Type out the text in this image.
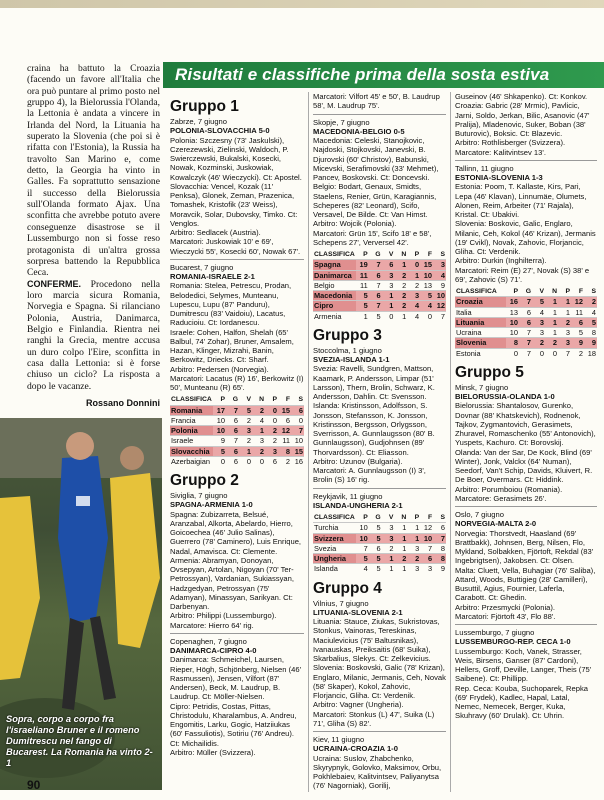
craina ha battuto la Croazia (facendo un favore all'Italia che ora può puntare al primo posto nel gruppo 4), la Bielorussia l'Olanda, la Lettonia è andata a vincere in Irlanda del Nord, la Lituania ha superato la Slovenia (che poi si è rifatta con l'Estonia), la Russia ha travolto San Marino e, come detto, la Georgia ha vinto in Galles. Fa soprattutto sensazione il successo della Bielorussia sull'Olanda formato Ajax. Una sconfitta che avrebbe potuto avere conseguenze disastrose se il Lussemburgo non si fosse reso protagonista di un'altra grossa sorpresa battendo la Repubblica Ceca.

CONFERME. Procedono nella loro marcia sicura Romania, Norvegia e Spagna. Si rilanciano Polonia, Austria, Danimarca, Belgio e Finlandia. Rientra nei ranghi la Grecia, mentre accusa un duro colpo l'Eire, sconfitta in casa dalla Lettonia: si è forse chiuso un ciclo? La risposta a dopo le vacanze.

Rossano Donnini
Sopra, corpo a corpo fra l'israeliano Bruner e il romeno Dumitrescu nel fango di Bucarest. La Romania ha vinto 2-1
90
Risultati e classifiche prima della sosta estiva
Gruppo 1

Zabrze, 7 giugno

POLONIA-SLOVACCHIA 5-0

Polonia: Szczesny (73' Jaskulski), Czerezewski, Zielinski, Waldoch, P. Swierczewski, Bukalski, Kosecki, Nowak, Kozminski, Juskowiak, Kowalczyk (46' Wieczycki). Ct: Apostel.

Slovacchia: Vencel, Kozak (11' Penksa), Glonek, Zeman, Prazenica, Tomashek, Kristofik (23' Weiss), Moravcik, Solar, Dubovsky, Timko. Ct: Venglos.

Arbitro: Sedlacek (Austria).

Marcatori: Juskowiak 10' e 69', Wieczycki 55', Kosecki 60', Nowak 67'.

Bucarest, 7 giugno

ROMANIA-ISRAELE 2-1

Romania: Stelea, Petrescu, Prodan, Belodedici, Selymes, Munteanu, Lupescu, Lupu (87' Panduru), Dumitrescu (83' Vaidoiu), Lacatus, Raducioiu. Ct: Iordanescu.

Israele: Cohen, Halfon, Shelah (65' Balbul, 74' Zohar), Bruner, Amsalem, Hazan, Klinger, Mizrahi, Banin, Berkowitz, Driecks. Ct: Sharf.

Arbitro: Pedersen (Norvegia).

Marcatori: Lacatus (R) 16', Berkowitz (I) 50', Munteanu (R) 65'.

CLASSIFICA	P	G	V	N	P	F	S
Romania	17	7	5	2	0	15	6
Francia	10	6	2	4	0	6	0
Polonia	10	6	3	1	2	12	7
Israele	9	7	2	3	2	11	10
Slovacchia	5	6	1	2	3	8	15
Azerbaigian	0	6	0	0	6	2	16
Gruppo 2

Siviglia, 7 giugno

SPAGNA-ARMENIA 1-0

Spagna: Zubizarreta, Belsué, Aranzabal, Alkorta, Abelardo, Hierro, Goicoechea (46' Julio Salinas), Guerrero (78' Caminero), Luis Enrique, Nadal, Amavisca. Ct: Clemente.

Armenia: Abramyan, Donoyan, Ovsepyan, Artolan, Nigoyan (70' Ter-Petrossyan), Vardanian, Sukiassyan, Hadzgedyan, Petrossyan (75' Adamyan), Minassyan, Sarikyan. Ct: Darbenyan.

Arbitro: Philippi (Lussemburgo).

Marcatore: Hierro 64' rig.

Copenaghen, 7 giugno

DANIMARCA-CIPRO 4-0

Danimarca: Schmeichel, Laursen, Rieper, Högh, Schjönberg, Nielsen (46' Rasmussen), Jensen, Vilfort (87' Andersen), Beck, M. Laudrup, B. Laudrup. Ct: Möller-Nielsen.

Cipro: Petridis, Costas, Pittas, Christodulu, Kharalambus, A. Andreu, Engomitis, Larku, Gogic, Hatziiukas (60' Fassuliotis), Sotiriu (76' Andreu). Ct: Michailidis.

Arbitro: Müller (Svizzera).

Marcatori: Vilfort 45' e 50', B. Laudrup 58', M. Laudrup 75'.

Skopje, 7 giugno

MACEDONIA-BELGIO 0-5

Macedonia: Celeski, Stanojkovic, Najdoski, Stojkovski, Janevski, B. Djurovski (60' Christov), Babunski, Micevski, Serafimovski (33' Mehmet), Pancev, Boskovski. Ct: Doncevski.

Belgio: Bodart, Genaux, Smidts, Staelens, Renier, Grün, Karagiannis, Scheperes (82' Leonard), Scifo, Versavel, De Bilde. Ct: Van Himst.

Arbitro: Wojcik (Polonia).

Marcatori: Grün 15', Scifo 18' e 58', Schepens 27', Verversel 42'.

CLASSIFICA	P	G	V	N	P	F	S
Spagna	19	7	6	1	0	15	3
Danimarca	11	6	3	2	1	10	4
Belgio	11	7	3	2	2	13	9
Macedonia	5	6	1	2	3	5	10
Cipro	5	7	1	2	4	4	12
Armenia	1	5	0	1	4	0	7
Gruppo 3

Stoccolma, 1 giugno

SVEZIA-ISLANDA 1-1

Svezia: Ravelli, Sundgren, Mattson, Kaamark, P. Andersson, Limpar (51' Larsson), Thern, Brolin, Schwarz, K. Andersson, Dahlin. Ct: Svensson.

Islanda: Kristinsson, Adolfsson, S. Jonsson, Stefansson, K. Jonsson, Kristinsson, Bergsson, Orlygsson, Sverrisson, A. Gunnlaugsson (80' B. Gunnlaugsson), Gudjohnsen (89' Thorvardsson). Ct: Eliasson.

Arbitro: Uzunov (Bulgaria).

Marcatori: A. Gunnlaugsson (I) 3', Brolin (S) 16' rig.

Reykjavik, 11 giugno

ISLANDA-UNGHERIA 2-1

CLASSIFICA	P	G	V	N	P	F	S
Turchia	10	5	3	1	1	12	6
Svizzera	10	5	3	1	1	10	7
Svezia	7	6	2	1	3	7	8
Ungheria	5	5	1	2	2	6	8
Islanda	4	5	1	1	3	3	9
Gruppo 4

Vilnius, 7 giugno

LITUANIA-SLOVENIA 2-1

Lituania: Stauce, Ziukas, Sukristovas, Stonkus, Vainoras, Tereskinas, Maciulevicius (75' Baltusnikas), Ivanauskas, Preiksaitis (68' Suika), Skarbalius, Slekys. Ct: Zelkevicius.

Slovenia: Boskovski, Galic (78' Krizan), Englaro, Milanic, Jermanis, Ceh, Novak (58' Skaper), Kokol, Zahovic, Florjancic, Gliha. Ct: Verdenik.

Arbitro: Vagner (Ungheria).

Marcatori: Stonkus (L) 47', Suika (L) 71', Gliha (S) 82'.

Kiev, 11 giugno

UCRAINA-CROAZIA 1-0

Ucraina: Suslov, Zhabchenko, Skyrypnyk, Golovko, Maksimov, Orbu, Pokhlebaiev, Kalitvintsev, Paliyanytsa (76' Nagorniak), Gorilij,

Guseinov (46' Shkapenko). Ct: Konkov.

Croazia: Gabric (28' Mrmic), Pavlicic, Jarni, Soldo, Jerkan, Bilic, Asanovic (47' Pralija), Mladenovic, Suker, Boban (38' Buturovic), Boksic. Ct: Blazevic.

Arbitro: Rothlisberger (Svizzera).

Marcatore: Kalitvintsev 13'.

Tallinn, 11 giugno

ESTONIA-SLOVENIA 1-3

Estonia: Poom, T. Kallaste, Kirs, Pari, Lepa (46' Klavan), Linnumäe, Olumets, Alonen, Reim, Arbeiter (71' Rajala), Kristal. Ct: Ubakivi.

Slovenia: Boskovic, Galic, Englaro, Milanic, Ceh, Kokol (46' Krizan), Jermanis (19' Cvikl), Novak, Zahovic, Florjancic, Gliha. Ct: Verdenik.

Arbitro: Durkin (Inghilterra).

Marcatori: Reim (E) 27', Novak (S) 38' e 69', Zahovic (S) 71'.

CLASSIFICA	P	G	V	N	P	F	S
Croazia	16	7	5	1	1	12	2
Italia	13	6	4	1	1	11	4
Lituania	10	6	3	1	2	6	5
Ucraina	10	7	3	1	3	5	8
Slovenia	8	7	2	2	3	9	9
Estonia	0	7	0	0	7	2	18
Gruppo 5

Minsk, 7 giugno

BIELORUSSIA-OLANDA 1-0

Bielorussia: Shantalosov, Gurenko, Dovnar (88' Khatskevich), Rodnenok, Tajkov, Zygmantovich, Gerasimets, Zhuravel, Romaschenko (55' Antonovich), Yuspets, Kachuro. Ct: Borovskij.

Olanda: Van der Sar, De Kock, Blind (69' Winter), Jonk, Valckx (64' Numan), Seedorf, Van't Schip, Davids, Kluivert, R. De Boer, Overmars. Ct: Hiddink.

Arbitro: Porumboiou (Romania).

Marcatore: Gerasimets 26'.

Oslo, 7 giugno

NORVEGIA-MALTA 2-0

Norvegia: Thorstvedt, Haasland (69' Brattbakk), Johnsen, Berg, Nilsen, Flo, Mykland, Solbakken, Fjörtoft, Rekdal (83' Ingebrigtsen), Jakobsen. Ct: Olsen.

Malta: Cluett, Vella, Buhagiar (76' Saliba), Attard, Woods, Buttigieg (28' Camilleri), Busuttil, Agius, Fournier, Laferla, Carabott. Ct: Ghedin.

Arbitro: Przesmycki (Polonia).

Marcatori: Fjörtoft 43', Flo 88'.

Lussemburgo, 7 giugno

LUSSEMBURGO-REP. CECA 1-0

Lussemburgo: Koch, Vanek, Strasser, Weis, Birsens, Ganser (87' Cardoni), Hellers, Groff, Deville, Langer, Theis (75' Saibene). Ct: Phillipp.

Rep. Ceca: Kouba, Suchoparek, Repka (69' Frydek), Kadlec, Hapal, Latal, Nemec, Nemecek, Berger, Kuka, Skuhravy (60' Drulak). Ct: Uhrin.
